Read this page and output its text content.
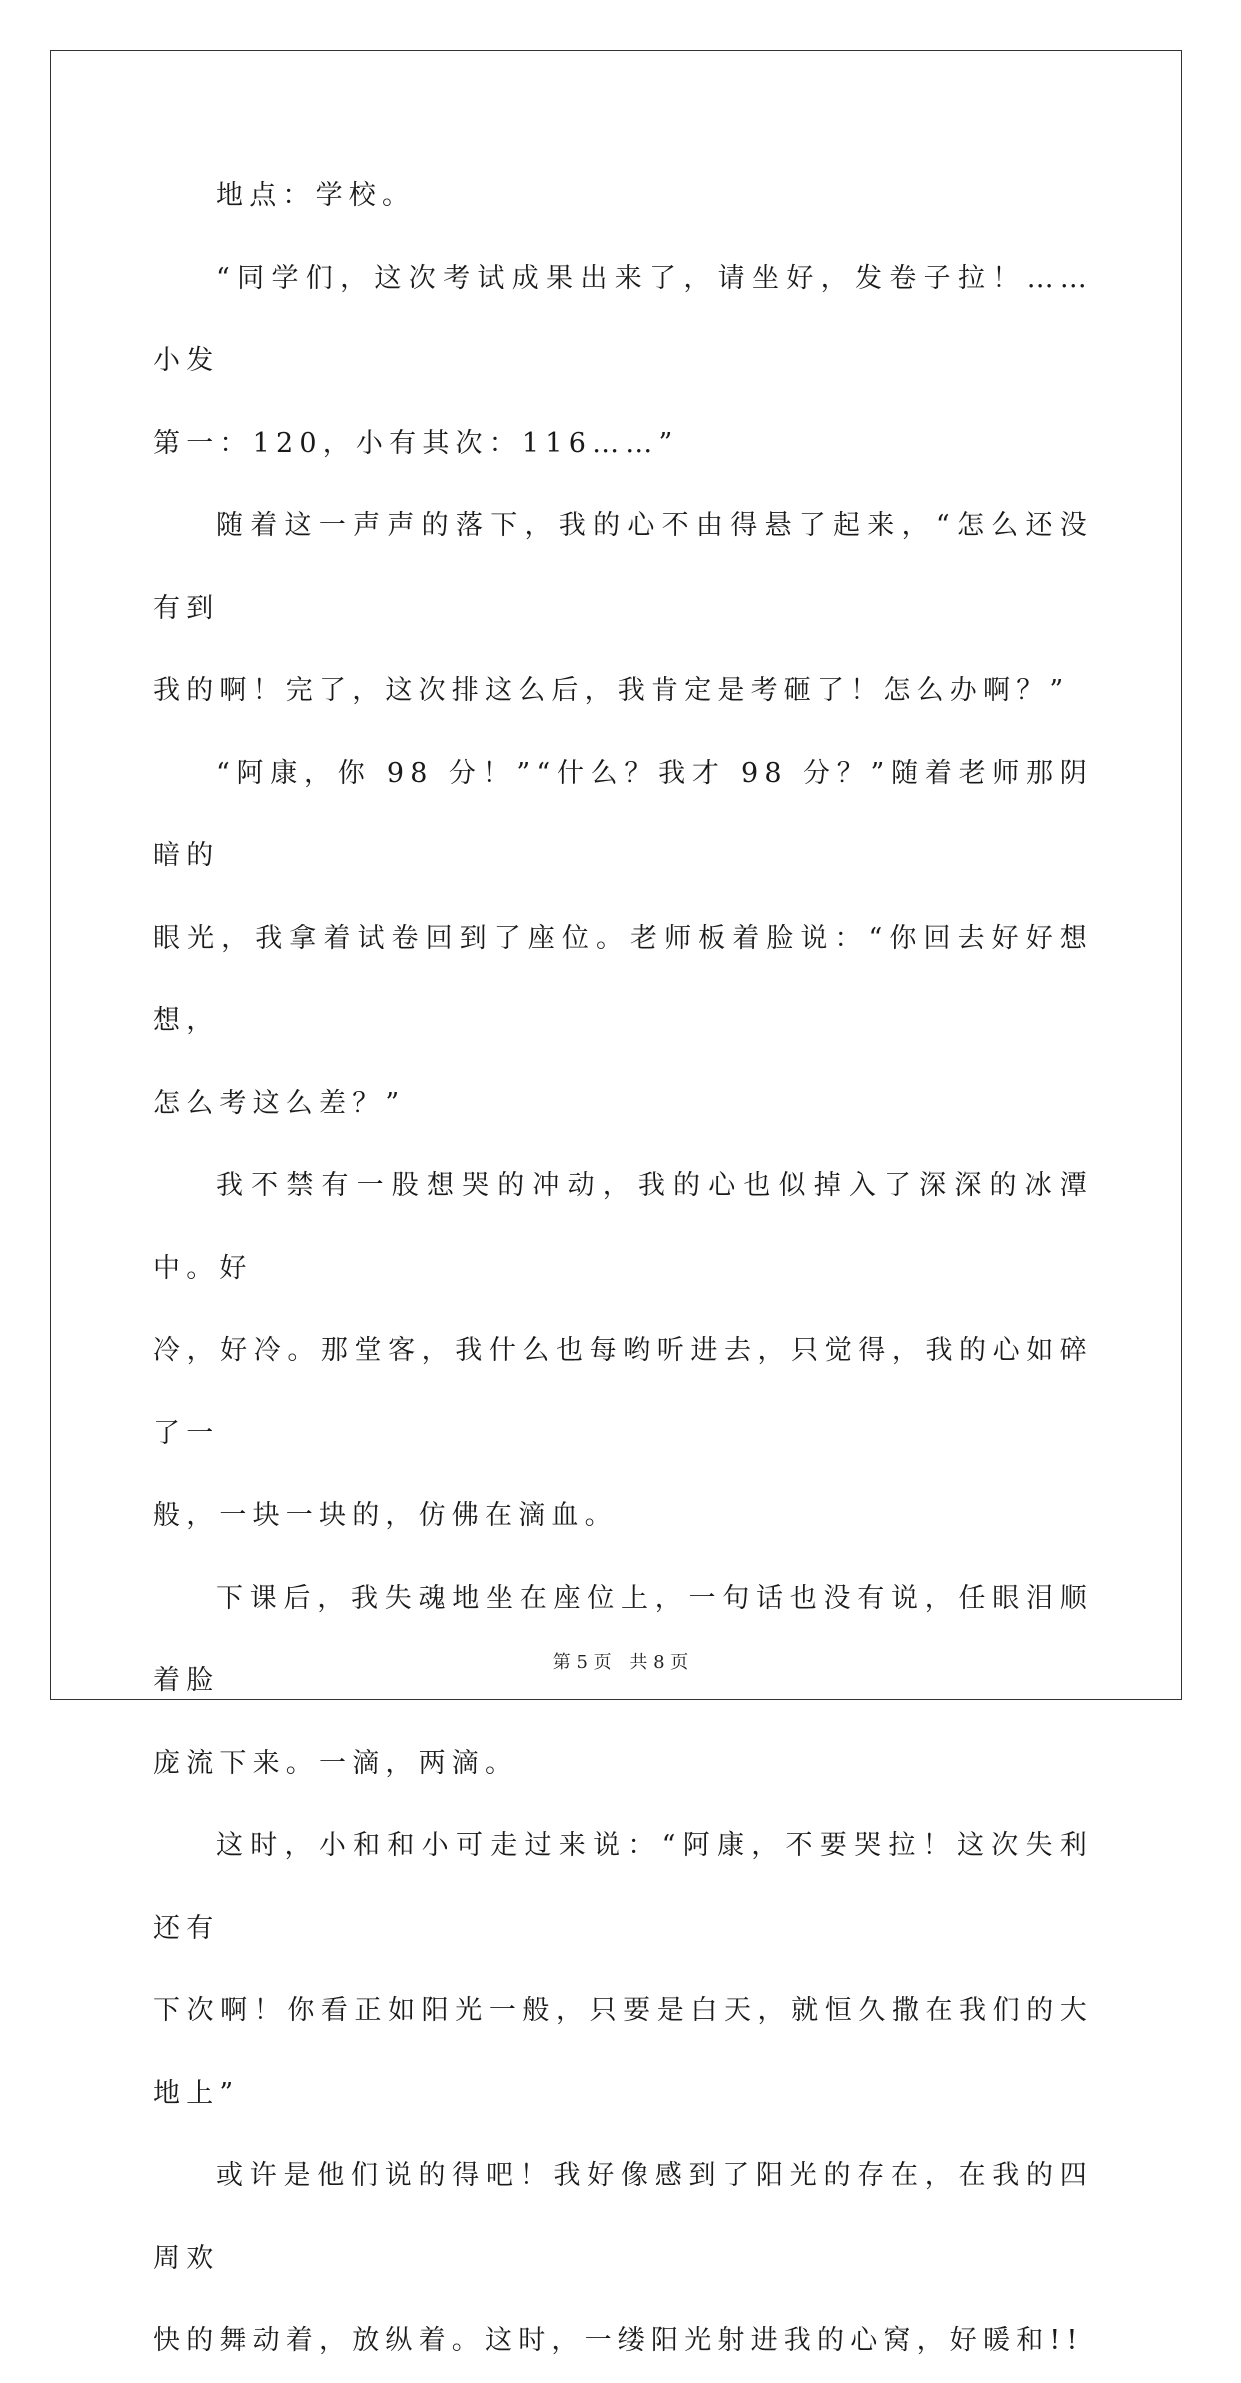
地点：学校。

“同学们，这次考试成果出来了，请坐好，发卷子拉！……小发
第一：120，小有其次：116……”

随着这一声声的落下，我的心不由得悬了起来，“怎么还没有到
我的啊！完了，这次排这么后，我肯定是考砸了！怎么办啊？”

“阿康，你 98 分！”“什么？我才 98 分？”随着老师那阴暗的
眼光，我拿着试卷回到了座位。老师板着脸说：“你回去好好想想，
怎么考这么差？”

我不禁有一股想哭的冲动，我的心也似掉入了深深的冰潭中。好
冷，好冷。那堂客，我什么也每哟听进去，只觉得，我的心如碎了一
般，一块一块的，仿佛在滴血。

下课后，我失魂地坐在座位上，一句话也没有说，任眼泪顺着脸
庞流下来。一滴，两滴。

这时，小和和小可走过来说：“阿康，不要哭拉！这次失利还有
下次啊！你看正如阳光一般，只要是白天，就恒久撒在我们的大地上”

或许是他们说的得吧！我好像感到了阳光的存在，在我的四周欢
快的舞动着，放纵着。这时，一缕阳光射进我的心窝，好暖和!!

第 5 页 共 8 页
